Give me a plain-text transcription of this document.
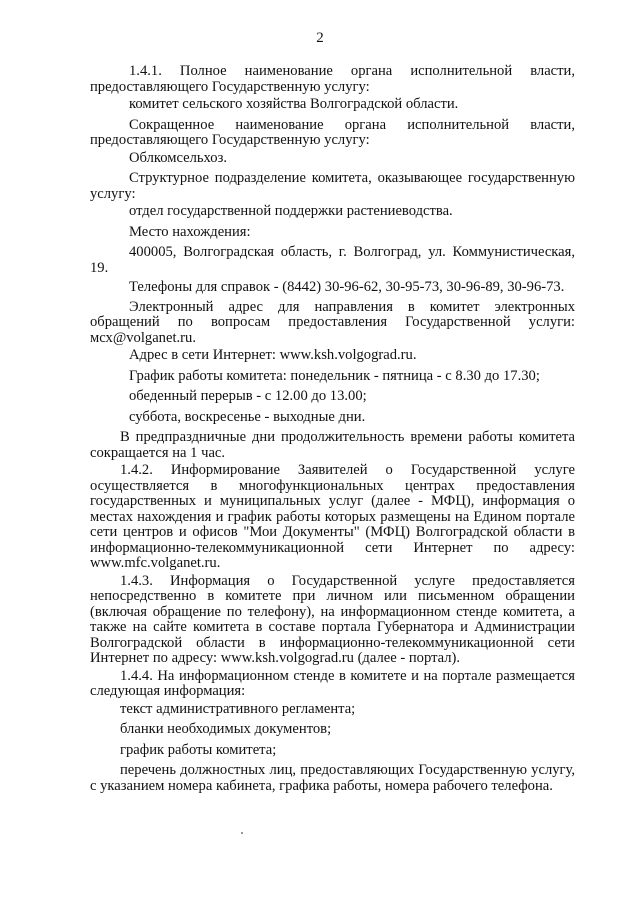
2

1.4.1. Полное наименование органа исполнительной власти, предоставляющего Государственную услугу:

комитет сельского хозяйства Волгоградской области.

Сокращенное наименование органа исполнительной власти, предоставляющего Государственную услугу:

Облкомсельхоз.

Структурное подразделение комитета, оказывающее государственную услугу:

отдел государственной поддержки растениеводства.

Место нахождения:

400005, Волгоградская область, г. Волгоград, ул. Коммунистическая, 19.

Телефоны для справок - (8442) 30-96-62, 30-95-73, 30-96-89, 30-96-73.

Электронный адрес для направления в комитет электронных обращений по вопросам предоставления Государственной услуги: мсх@volganet.ru.

Адрес в сети Интернет: www.ksh.volgograd.ru.

График работы комитета: понедельник - пятница - с 8.30 до 17.30;

обеденный перерыв - с 12.00 до 13.00;

суббота, воскресенье - выходные дни.

В предпраздничные дни продолжительность времени работы комитета сокращается на 1 час.

1.4.2. Информирование Заявителей о Государственной услуге осуществляется в многофункциональных центрах предоставления государственных и муниципальных услуг (далее - МФЦ), информация о местах нахождения и график работы которых размещены на Едином портале сети центров и офисов "Мои Документы" (МФЦ) Волгоградской области в информационно-телекоммуникационной сети Интернет по адресу: www.mfc.volganet.ru.

1.4.3. Информация о Государственной услуге предоставляется непосредственно в комитете при личном или письменном обращении (включая обращение по телефону), на информационном стенде комитета, а также на сайте комитета в составе портала Губернатора и Администрации Волгоградской области в информационно-телекоммуникационной сети Интернет по адресу: www.ksh.volgograd.ru (далее - портал).

1.4.4. На информационном стенде в комитете и на портале размещается следующая информация:

текст административного регламента;

бланки необходимых документов;

график работы комитета;

перечень должностных лиц, предоставляющих Государственную услугу, с указанием номера кабинета, графика работы, номера рабочего телефона.
